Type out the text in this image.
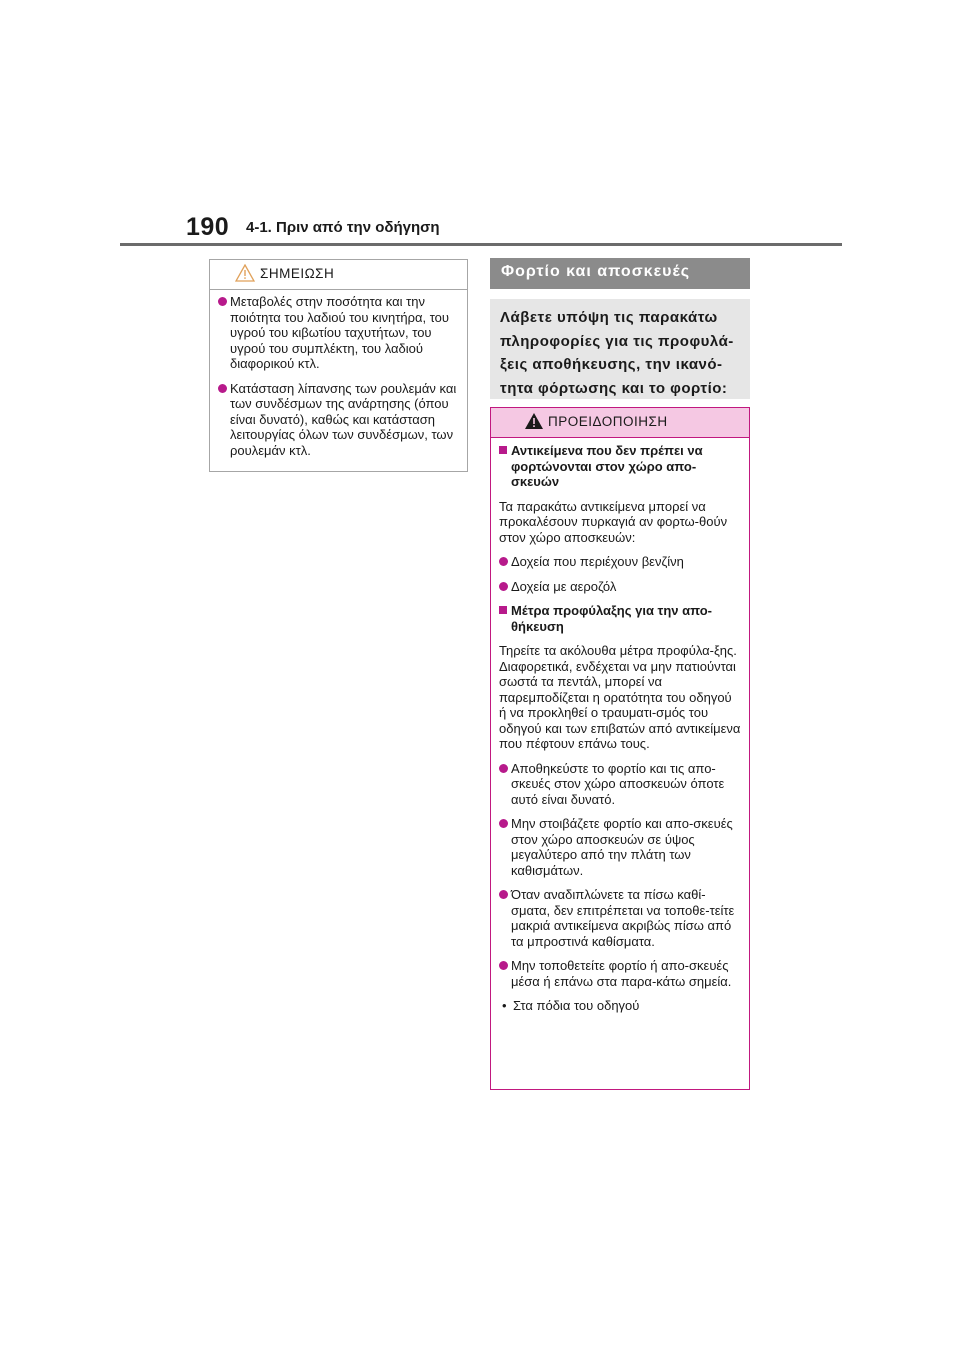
190 4-1. Πριν από την οδήγηση
ΣΗΜΕΙΩΣΗ
Μεταβολές στην ποσότητα και την ποιότητα του λαδιού του κινητήρα, του υγρού του κιβωτίου ταχυτήτων, του υγρού του συμπλέκτη, του λαδιού διαφορικού κτλ.
Κατάσταση λίπανσης των ρουλεμάν και των συνδέσμων της ανάρτησης (όπου είναι δυνατό), καθώς και κατάσταση λειτουργίας όλων των συνδέσμων, των ρουλεμάν κτλ.
Φορτίο και αποσκευές
Λάβετε υπόψη τις παρακάτω πληροφορίες για τις προφυλά-ξεις αποθήκευσης, την ικανό-τητα φόρτωσης και το φορτίο:
ΠΡΟΕΙΔΟΠΟΙΗΣΗ
Αντικείμενα που δεν πρέπει να φορτώνονται στον χώρο απο-σκευών
Τα παρακάτω αντικείμενα μπορεί να προκαλέσουν πυρκαγιά αν φορτω-θούν στον χώρο αποσκευών:
Δοχεία που περιέχουν βενζίνη
Δοχεία με αεροζόλ
Μέτρα προφύλαξης για την απο-θήκευση
Τηρείτε τα ακόλουθα μέτρα προφύλα-ξης.
Διαφορετικά, ενδέχεται να μην πατιούνται σωστά τα πεντάλ, μπορεί να παρεμποδίζεται η ορατότητα του οδηγού ή να προκληθεί ο τραυματι-σμός του οδηγού και των επιβατών από αντικείμενα που πέφτουν επάνω τους.
Αποθηκεύστε το φορτίο και τις απο-σκευές στον χώρο αποσκευών όποτε αυτό είναι δυνατό.
Μην στοιβάζετε φορτίο και απο-σκευές στον χώρο αποσκευών σε ύψος μεγαλύτερο από την πλάτη των καθισμάτων.
Όταν αναδιπλώνετε τα πίσω καθί-σματα, δεν επιτρέπεται να τοποθε-τείτε μακριά αντικείμενα ακριβώς πίσω από τα μπροστινά καθίσματα.
Μην τοποθετείτε φορτίο ή απο-σκευές μέσα ή επάνω στα παρα-κάτω σημεία.
• Στα πόδια του οδηγού
